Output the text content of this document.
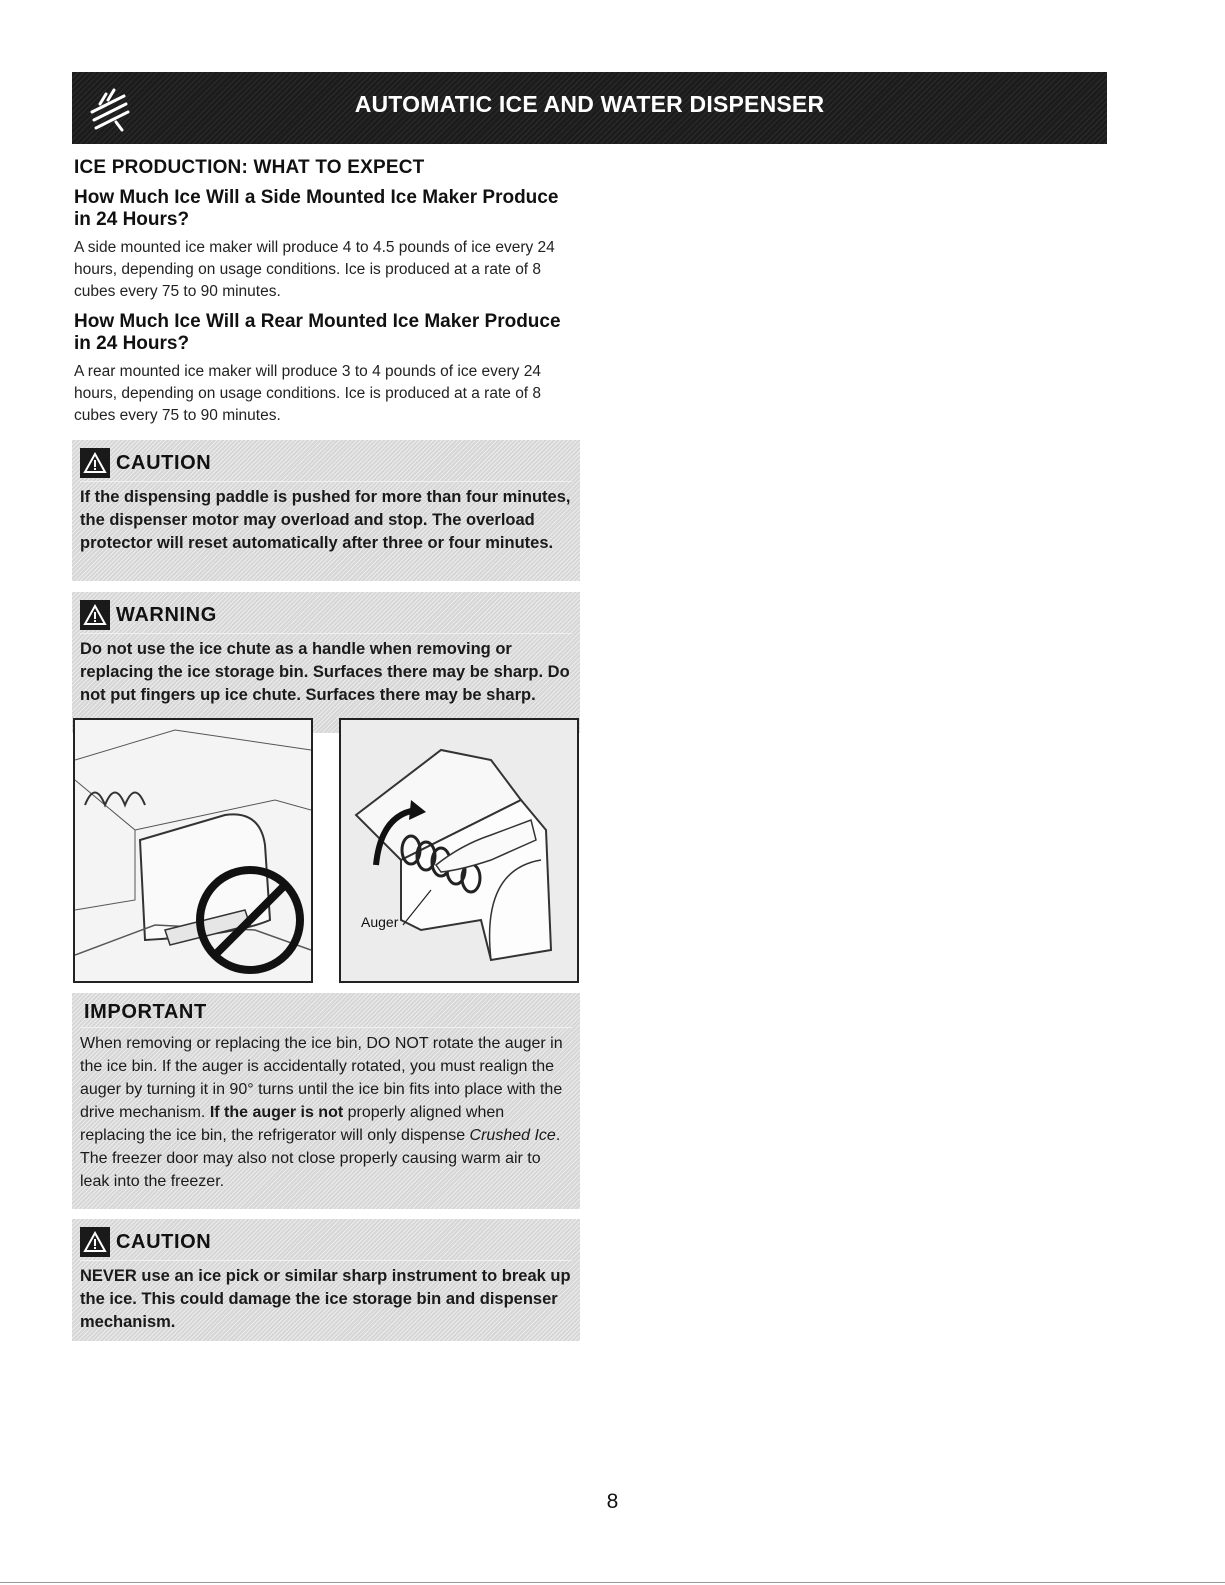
AUTOMATIC ICE AND WATER DISPENSER
ICE PRODUCTION: WHAT TO EXPECT
How Much Ice Will a Side Mounted Ice Maker Produce in 24 Hours?
A side mounted ice maker will produce 4 to 4.5 pounds of ice every 24 hours, depending on usage conditions. Ice is produced at a rate of 8 cubes every 75 to 90 minutes.
How Much Ice Will a Rear Mounted Ice Maker Produce in 24 Hours?
A rear mounted ice maker will produce 3 to 4 pounds of ice every 24 hours, depending on usage conditions. Ice is produced at a rate of 8 cubes every 75 to 90 minutes.
CAUTION
If the dispensing paddle is pushed for more than four minutes, the dispenser motor may overload and stop. The overload protector will reset automatically after three or four minutes.
WARNING
Do not use the ice chute as a handle when removing or replacing the ice storage bin. Surfaces there may be sharp. Do not put fingers up ice chute. Surfaces there may be sharp.
Auger
IMPORTANT
When removing or replacing the ice bin, DO NOT rotate the auger in the ice bin. If the auger is accidentally rotated, you must realign the auger by turning it in 90° turns until the ice bin fits into place with the drive mechanism. If the auger is not properly aligned when replacing the ice bin, the refrigerator will only dispense Crushed Ice. The freezer door may also not close properly causing warm air to leak into the freezer.
CAUTION
NEVER use an ice pick or similar sharp instrument to break up the ice. This could damage the ice storage bin and dispenser mechanism.
8
